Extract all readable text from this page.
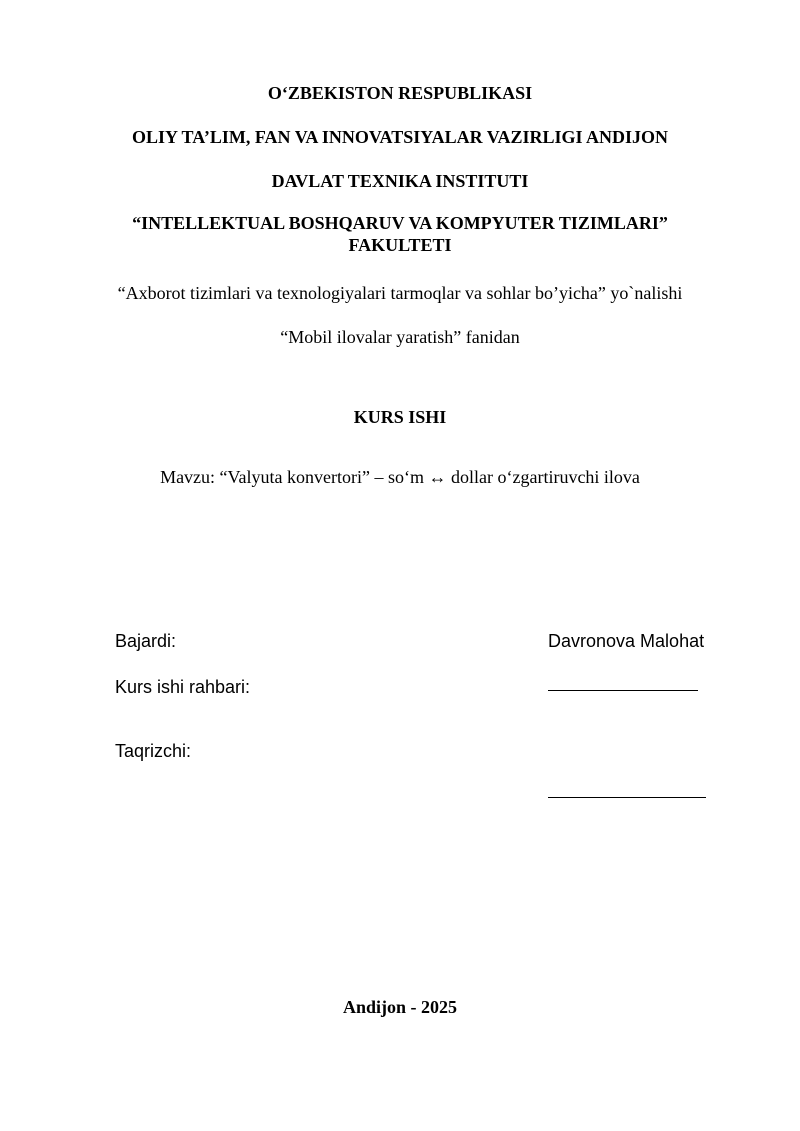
O‘ZBEKISTON RESPUBLIKASI
OLIY TA’LIM, FAN VA INNOVATSIYALAR VAZIRLIGI ANDIJON
DAVLAT TEXNIKA INSTITUTI
“INTELLEKTUAL BOSHQARUV VA KOMPYUTER TIZIMLARI”
FAKULTETI
“Axborot tizimlari va texnologiyalari tarmoqlar va sohlar bo’yicha” yo`nalishi
“Mobil ilovalar yaratish” fanidan
KURS ISHI
Mavzu: “Valyuta konvertori” – so‘m ↔ dollar o‘zgartiruvchi ilova
Bajardi:	Davronova Malohat
Kurs ishi rahbari:
Taqrizchi:
Andijon - 2025
